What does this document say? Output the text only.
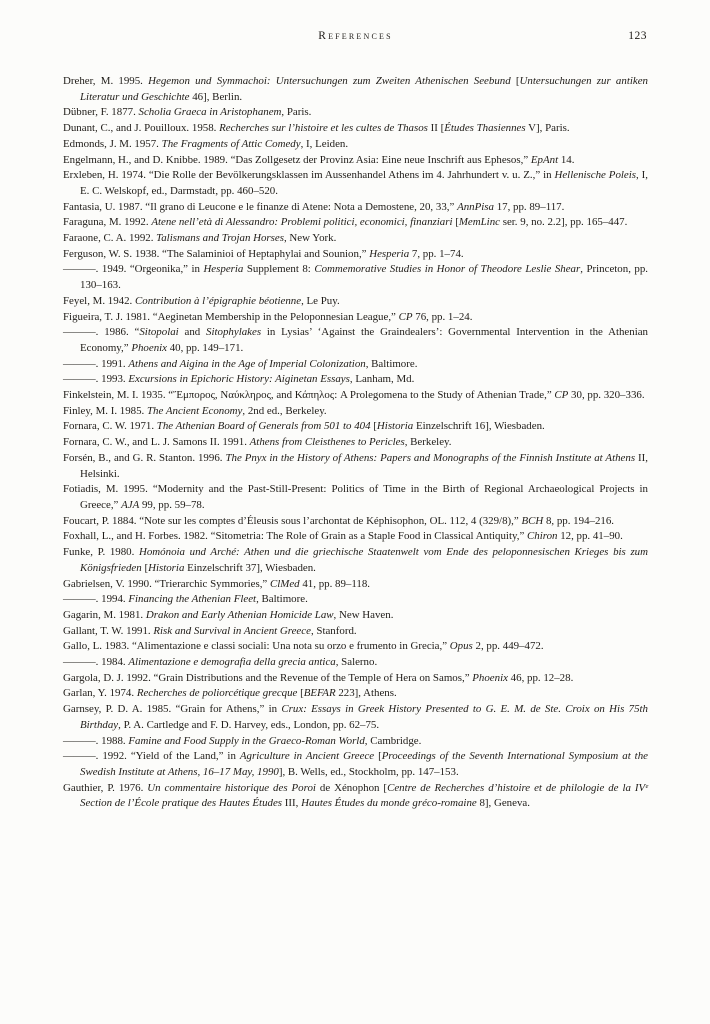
References	123
Dreher, M. 1995. Hegemon und Symmachoi: Untersuchungen zum Zweiten Athenischen Seebund [Untersuchungen zur antiken Literatur und Geschichte 46], Berlin.
Dübner, F. 1877. Scholia Graeca in Aristophanem, Paris.
Dunant, C., and J. Pouilloux. 1958. Recherches sur l’histoire et les cultes de Thasos II [Études Thasiennes V], Paris.
Edmonds, J. M. 1957. The Fragments of Attic Comedy, I, Leiden.
Engelmann, H., and D. Knibbe. 1989. “Das Zollgesetz der Provinz Asia: Eine neue Inschrift aus Ephesos,” EpAnt 14.
Erxleben, H. 1974. “Die Rolle der Bevölkerungsklassen im Aussenhandel Athens im 4. Jahrhundert v. u. Z.,” in Hellenische Poleis, I, E. C. Welskopf, ed., Darmstadt, pp. 460–520.
Fantasia, U. 1987. “Il grano di Leucone e le finanze di Atene: Nota a Demostene, 20, 33,” AnnPisa 17, pp. 89–117.
Faraguna, M. 1992. Atene nell’età di Alessandro: Problemi politici, economici, finanziari [MemLinc ser. 9, no. 2.2], pp. 165–447.
Faraone, C. A. 1992. Talismans and Trojan Horses, New York.
Ferguson, W. S. 1938. “The Salaminioi of Heptaphylai and Sounion,” Hesperia 7, pp. 1–74.
———. 1949. “Orgeonika,” in Hesperia Supplement 8: Commemorative Studies in Honor of Theodore Leslie Shear, Princeton, pp. 130–163.
Feyel, M. 1942. Contribution à l’épigraphie béotienne, Le Puy.
Figueira, T. J. 1981. “Aeginetan Membership in the Peloponnesian League,” CP 76, pp. 1–24.
———. 1986. “Sitopolai and Sitophylakes in Lysias’ ‘Against the Graindealers’: Governmental Intervention in the Athenian Economy,” Phoenix 40, pp. 149–171.
———. 1991. Athens and Aigina in the Age of Imperial Colonization, Baltimore.
———. 1993. Excursions in Epichoric History: Aiginetan Essays, Lanham, Md.
Finkelstein, M. I. 1935. “Ἔμπορος, Ναύκληρος, and Κάπηλος: A Prolegomena to the Study of Athenian Trade,” CP 30, pp. 320–336.
Finley, M. I. 1985. The Ancient Economy, 2nd ed., Berkeley.
Fornara, C. W. 1971. The Athenian Board of Generals from 501 to 404 [Historia Einzelschrift 16], Wiesbaden.
Fornara, C. W., and L. J. Samons II. 1991. Athens from Cleisthenes to Pericles, Berkeley.
Forsén, B., and G. R. Stanton. 1996. The Pnyx in the History of Athens: Papers and Monographs of the Finnish Institute at Athens II, Helsinki.
Fotiadis, M. 1995. “Modernity and the Past-Still-Present: Politics of Time in the Birth of Regional Archaeological Projects in Greece,” AJA 99, pp. 59–78.
Foucart, P. 1884. “Note sur les comptes d’Éleusis sous l’archontat de Képhisophon, OL. 112, 4 (329/8),” BCH 8, pp. 194–216.
Foxhall, L., and H. Forbes. 1982. “Sitometria: The Role of Grain as a Staple Food in Classical Antiquity,” Chiron 12, pp. 41–90.
Funke, P. 1980. Homónoia und Arché: Athen und die griechische Staatenwelt vom Ende des peloponnesischen Krieges bis zum Königsfrieden [Historia Einzelschrift 37], Wiesbaden.
Gabrielsen, V. 1990. “Trierarchic Symmories,” ClMed 41, pp. 89–118.
———. 1994. Financing the Athenian Fleet, Baltimore.
Gagarin, M. 1981. Drakon and Early Athenian Homicide Law, New Haven.
Gallant, T. W. 1991. Risk and Survival in Ancient Greece, Stanford.
Gallo, L. 1983. “Alimentazione e classi sociali: Una nota su orzo e frumento in Grecia,” Opus 2, pp. 449–472.
———. 1984. Alimentazione e demografia della grecia antica, Salerno.
Gargola, D. J. 1992. “Grain Distributions and the Revenue of the Temple of Hera on Samos,” Phoenix 46, pp. 12–28.
Garlan, Y. 1974. Recherches de poliorcétique grecque [BEFAR 223], Athens.
Garnsey, P. D. A. 1985. “Grain for Athens,” in Crux: Essays in Greek History Presented to G. E. M. de Ste. Croix on His 75th Birthday, P. A. Cartledge and F. D. Harvey, eds., London, pp. 62–75.
———. 1988. Famine and Food Supply in the Graeco-Roman World, Cambridge.
———. 1992. “Yield of the Land,” in Agriculture in Ancient Greece [Proceedings of the Seventh International Symposium at the Swedish Institute at Athens, 16–17 May, 1990], B. Wells, ed., Stockholm, pp. 147–153.
Gauthier, P. 1976. Un commentaire historique des Poroi de Xénophon [Centre de Recherches d’histoire et de philologie de la IVᵉ Section de l’École pratique des Hautes Études III, Hautes Études du monde gréco-romaine 8], Geneva.
